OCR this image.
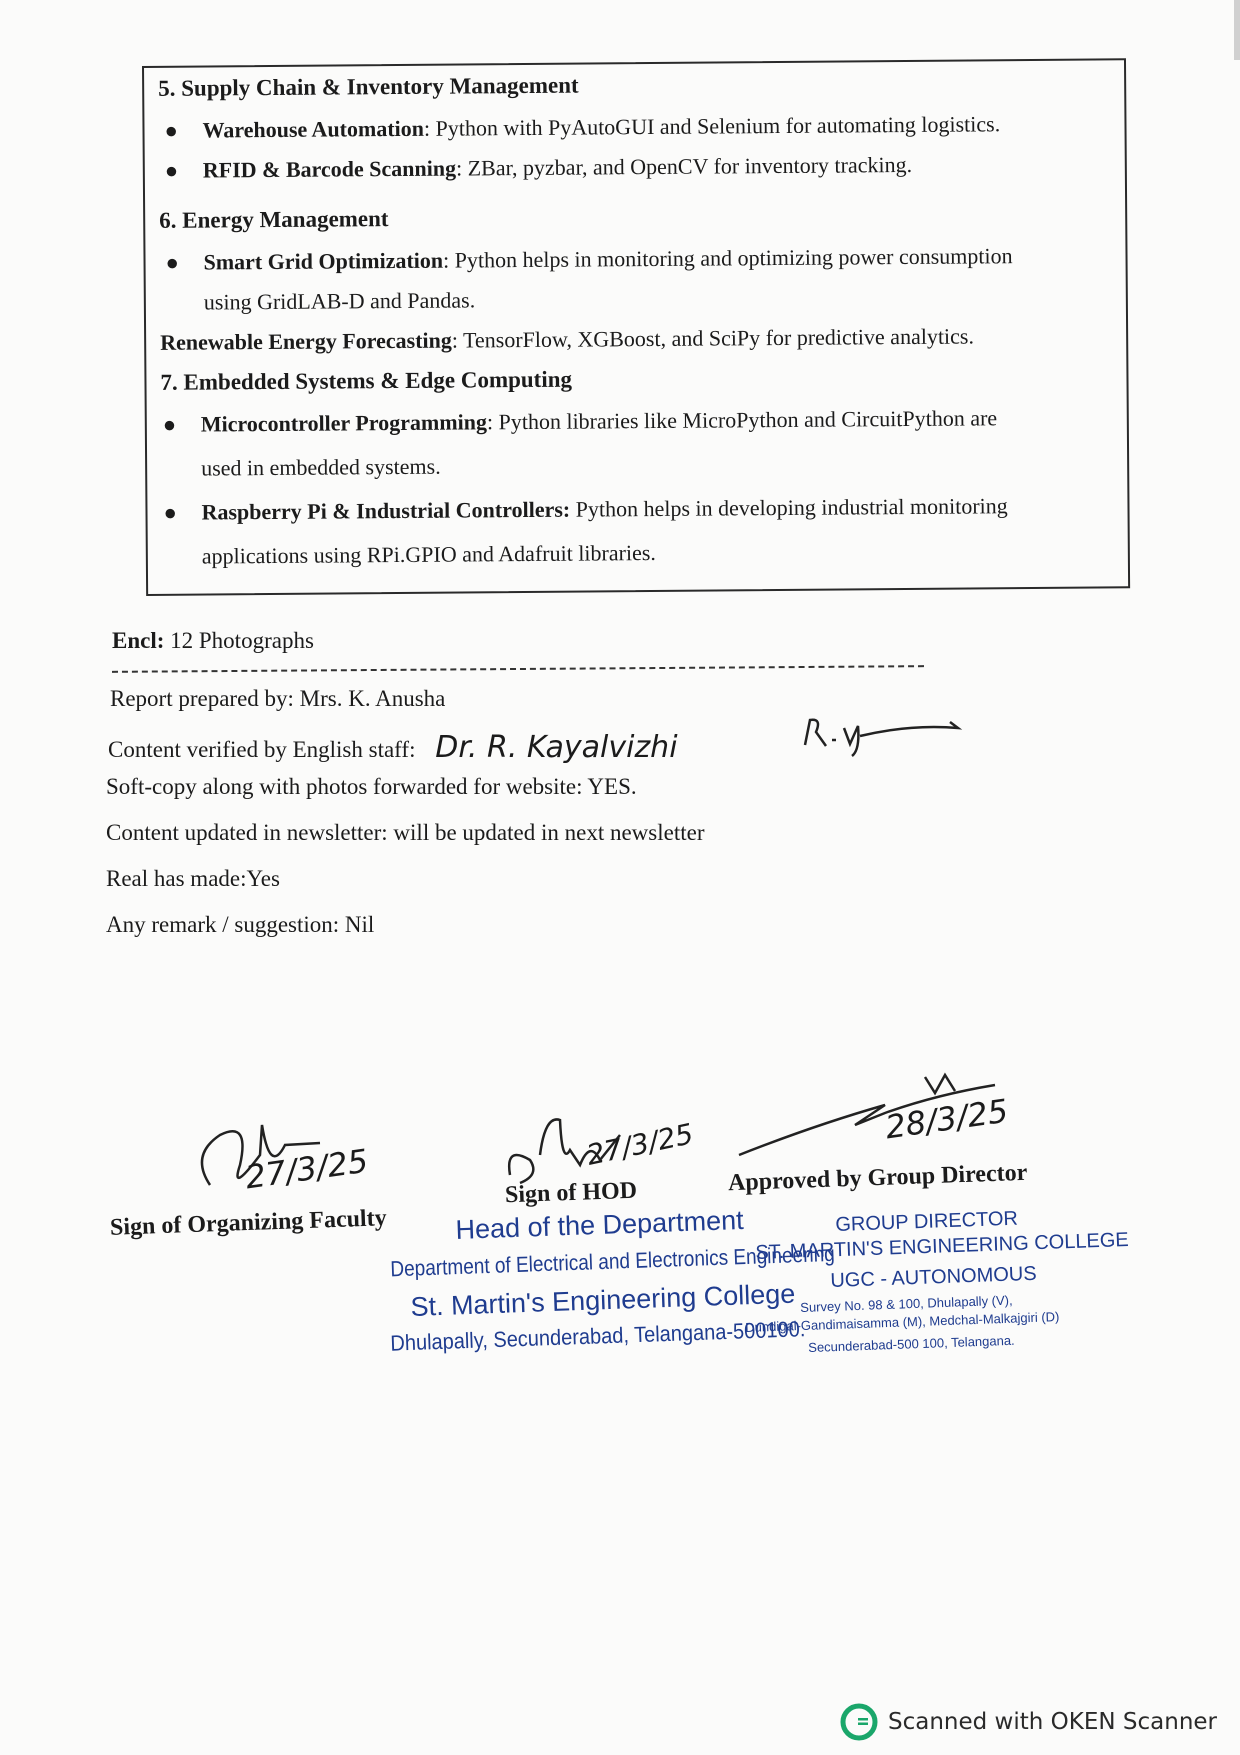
5. Supply Chain & Inventory Management
● Warehouse Automation: Python with PyAutoGUI and Selenium for automating logistics.
● RFID & Barcode Scanning: ZBar, pyzbar, and OpenCV for inventory tracking.
6. Energy Management
● Smart Grid Optimization: Python helps in monitoring and optimizing power consumption
using GridLAB-D and Pandas.
Renewable Energy Forecasting: TensorFlow, XGBoost, and SciPy for predictive analytics.
7. Embedded Systems & Edge Computing
● Microcontroller Programming: Python libraries like MicroPython and CircuitPython are
used in embedded systems.
● Raspberry Pi & Industrial Controllers: Python helps in developing industrial monitoring
applications using RPi.GPIO and Adafruit libraries.
Encl: 12 Photographs
Report prepared by: Mrs. K. Anusha
Content verified by English staff: Dr. R. Kayalvizhi
Soft-copy along with photos forwarded for website: YES.
Content updated in newsletter: will be updated in next newsletter
Real has made:Yes
Any remark / suggestion: Nil
27/3/25
Sign of Organizing Faculty
27/3/25
Sign of HOD
28/3/25
Approved by Group Director
Head of the Department
Department of Electrical and Electronics Engineering
St. Martin's Engineering College
Dhulapally, Secunderabad, Telangana-500100.
GROUP DIRECTOR
ST. MARTIN'S ENGINEERING COLLEGE
UGC - AUTONOMOUS
Survey No. 98 & 100, Dhulapally (V),
Dundigal-Gandimaisamma (M), Medchal-Malkajgiri (D)
Secunderabad-500 100, Telangana.
Scanned with OKEN Scanner
